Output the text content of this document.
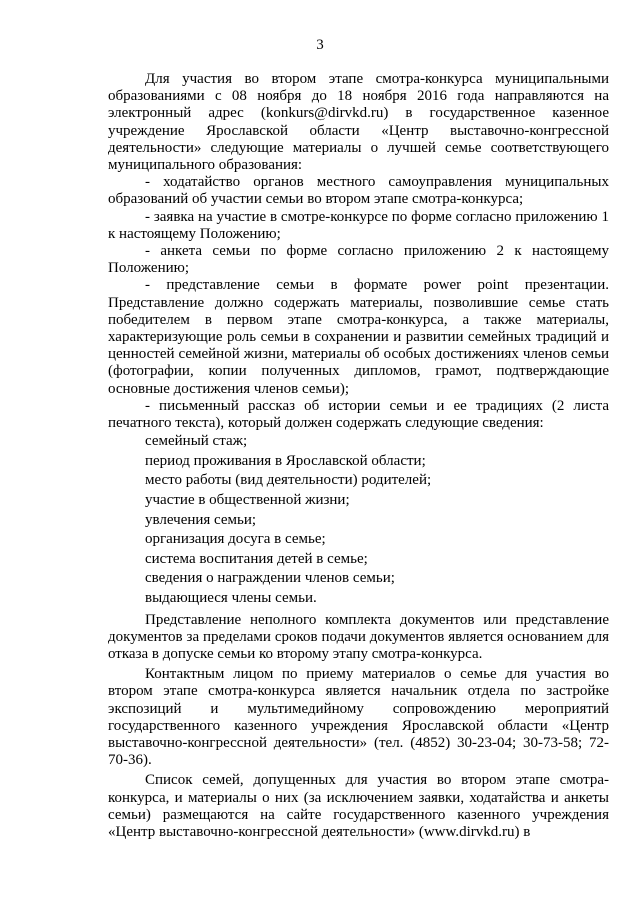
3

Для участия во втором этапе смотра-конкурса муниципальными образованиями с 08 ноября до 18 ноября 2016 года направляются на электронный адрес (konkurs@dirvkd.ru) в государственное казенное учреждение Ярославской области «Центр выставочно-конгрессной деятельности» следующие материалы о лучшей семье соответствующего муниципального образования:

- ходатайство органов местного самоуправления муниципальных образований об участии семьи во втором этапе смотра-конкурса;

- заявка на участие в смотре-конкурсе по форме согласно приложению 1 к настоящему Положению;

- анкета семьи по форме согласно приложению 2 к настоящему Положению;

- представление семьи в формате power point презентации. Представление должно содержать материалы, позволившие семье стать победителем в первом этапе смотра-конкурса, а также материалы, характеризующие роль семьи в сохранении и развитии семейных традиций и ценностей семейной жизни, материалы об особых достижениях членов семьи (фотографии, копии полученных дипломов, грамот, подтверждающие основные достижения членов семьи);

- письменный рассказ об истории семьи и ее традициях (2 листа печатного текста), который должен содержать следующие сведения:

семейный стаж;
период проживания в Ярославской области;
место работы (вид деятельности) родителей;
участие в общественной жизни;
увлечения семьи;
организация досуга в семье;
система воспитания детей в семье;
сведения о награждении членов семьи;
выдающиеся члены семьи.

Представление неполного комплекта документов или представление документов за пределами сроков подачи документов является основанием для отказа в допуске семьи ко второму этапу смотра-конкурса.

Контактным лицом по приему материалов о семье для участия во втором этапе смотра-конкурса является начальник отдела по застройке экспозиций и мультимедийному сопровождению мероприятий государственного казенного учреждения Ярославской области «Центр выставочно-конгрессной деятельности» (тел. (4852) 30-23-04; 30-73-58; 72-70-36).

Список семей, допущенных для участия во втором этапе смотра-конкурса, и материалы о них (за исключением заявки, ходатайства и анкеты семьи) размещаются на сайте государственного казенного учреждения «Центр выставочно-конгрессной деятельности» (www.dirvkd.ru) в
